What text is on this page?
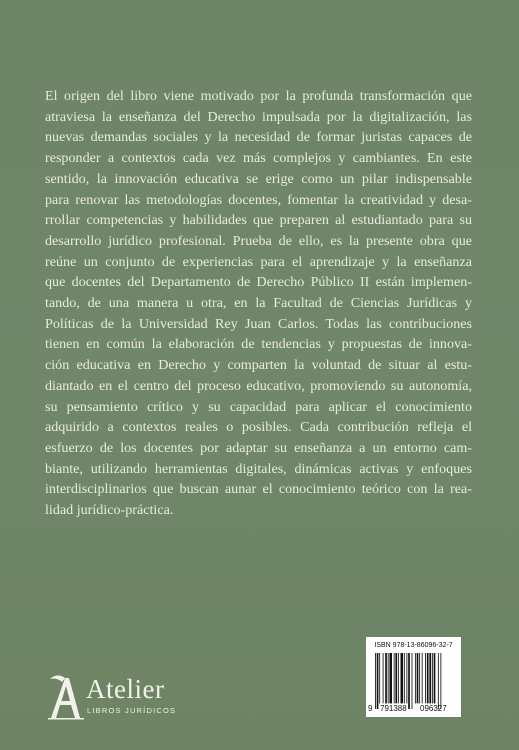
El origen del libro viene motivado por la profunda transformación que
atraviesa la enseñanza del Derecho impulsada por la digitalización, las
nuevas demandas sociales y la necesidad de formar juristas capaces de
responder a contextos cada vez más complejos y cambiantes. En este
sentido, la innovación educativa se erige como un pilar indispensable
para renovar las metodologías docentes, fomentar la creatividad y desa-
rrollar competencias y habilidades que preparen al estudiantado para su
desarrollo jurídico profesional. Prueba de ello, es la presente obra que
reúne un conjunto de experiencias para el aprendizaje y la enseñanza
que docentes del Departamento de Derecho Público II están implemen-
tando, de una manera u otra, en la Facultad de Ciencias Jurídicas y
Políticas de la Universidad Rey Juan Carlos. Todas las contribuciones
tienen en común la elaboración de tendencias y propuestas de innova-
ción educativa en Derecho y comparten la voluntad de situar al estu-
diantado en el centro del proceso educativo, promoviendo su autonomía,
su pensamiento crítico y su capacidad para aplicar el conocimiento
adquirido a contextos reales o posibles. Cada contribución refleja el
esfuerzo de los docentes por adaptar su enseñanza a un entorno cam-
biante, utilizando herramientas digitales, dinámicas activas y enfoques
interdisciplinarios que buscan aunar el conocimiento teórico con la rea-
lidad jurídico-práctica.
Atelier
LIBROS JURÍDICOS
ISBN 978-13-86096-32-7
9 791388 096327
